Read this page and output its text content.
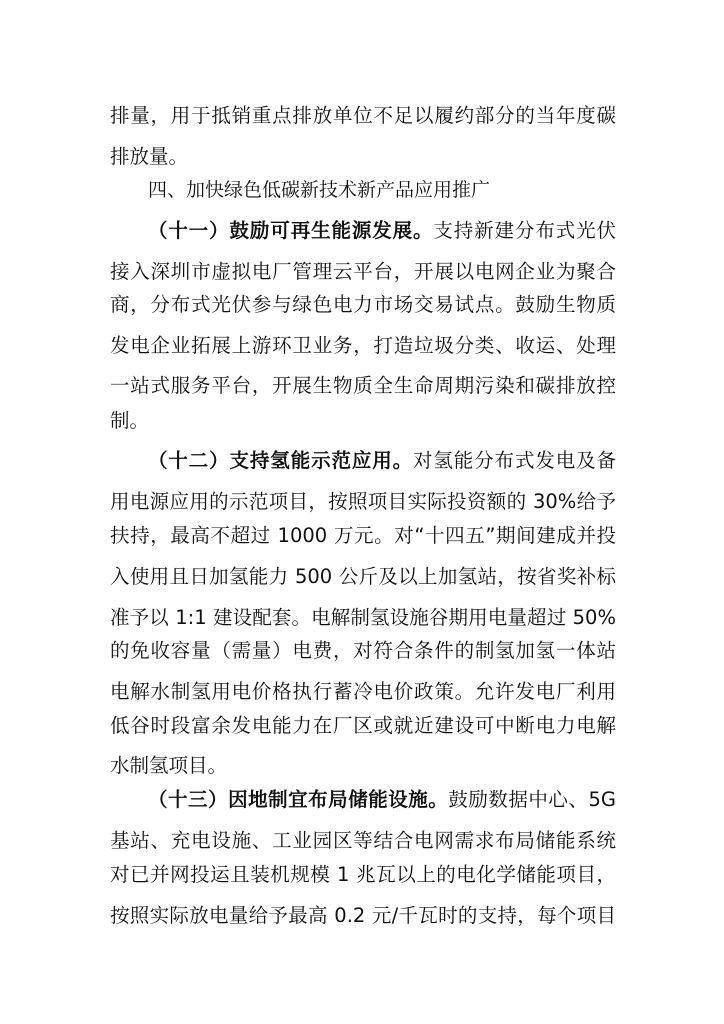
排量，用于抵销重点排放单位不足以履约部分的当年度碳
排放量。
四、加快绿色低碳新技术新产品应用推广
（十一）鼓励可再生能源发展。支持新建分布式光伏
接入深圳市虚拟电厂管理云平台，开展以电网企业为聚合
商，分布式光伏参与绿色电力市场交易试点。鼓励生物质
发电企业拓展上游环卫业务，打造垃圾分类、收运、处理
一站式服务平台，开展生物质全生命周期污染和碳排放控
制。
（十二）支持氢能示范应用。对氢能分布式发电及备
用电源应用的示范项目，按照项目实际投资额的 30%给予
扶持，最高不超过 1000 万元。对“十四五”期间建成并投
入使用且日加氢能力 500 公斤及以上加氢站，按省奖补标
准予以 1:1 建设配套。电解制氢设施谷期用电量超过 50%
的免收容量（需量）电费，对符合条件的制氢加氢一体站
电解水制氢用电价格执行蓄冷电价政策。允许发电厂利用
低谷时段富余发电能力在厂区或就近建设可中断电力电解
水制氢项目。
（十三）因地制宜布局储能设施。鼓励数据中心、5G
基站、充电设施、工业园区等结合电网需求布局储能系统
对已并网投运且装机规模 1 兆瓦以上的电化学储能项目，
按照实际放电量给予最高 0.2 元/千瓦时的支持，每个项目
